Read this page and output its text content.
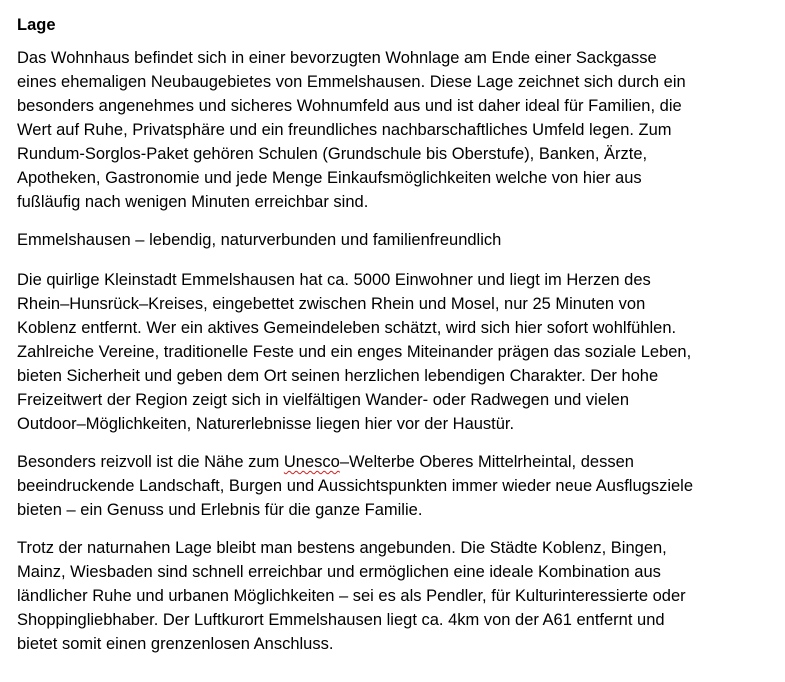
Lage
Das Wohnhaus befindet sich in einer bevorzugten Wohnlage am Ende einer Sackgasse
eines ehemaligen Neubaugebietes von Emmelshausen. Diese Lage zeichnet sich durch ein
besonders angenehmes und sicheres Wohnumfeld aus und ist daher ideal für Familien, die
Wert auf Ruhe, Privatsphäre und ein freundliches nachbarschaftliches Umfeld legen. Zum
Rundum-Sorglos-Paket gehören Schulen (Grundschule bis Oberstufe), Banken, Ärzte,
Apotheken, Gastronomie und jede Menge Einkaufsmöglichkeiten welche von hier aus
fußläufig nach wenigen Minuten erreichbar sind.
Emmelshausen – lebendig, naturverbunden und familienfreundlich
Die quirlige Kleinstadt Emmelshausen hat ca. 5000 Einwohner und liegt im Herzen des
Rhein–Hunsrück–Kreises, eingebettet zwischen Rhein und Mosel, nur 25 Minuten von
Koblenz entfernt. Wer ein aktives Gemeindeleben schätzt, wird sich hier sofort wohlfühlen.
Zahlreiche Vereine, traditionelle Feste und ein enges Miteinander prägen das soziale Leben,
bieten Sicherheit und geben dem Ort seinen herzlichen lebendigen Charakter. Der hohe
Freizeitwert der Region zeigt sich in vielfältigen Wander- oder Radwegen und vielen
Outdoor–Möglichkeiten, Naturerlebnisse liegen hier vor der Haustür.
Besonders reizvoll ist die Nähe zum Unesco–Welterbe Oberes Mittelrheintal, dessen
beeindruckende Landschaft, Burgen und Aussichtspunkten immer wieder neue Ausflugsziele
bieten – ein Genuss und Erlebnis für die ganze Familie.
Trotz der naturnahen Lage bleibt man bestens angebunden. Die Städte Koblenz, Bingen,
Mainz, Wiesbaden sind schnell erreichbar und ermöglichen eine ideale Kombination aus
ländlicher Ruhe und urbanen Möglichkeiten – sei es als Pendler, für Kulturinteressierte oder
Shoppingliebhaber. Der Luftkurort Emmelshausen liegt ca. 4km von der A61 entfernt und
bietet somit einen grenzenlosen Anschluss.
